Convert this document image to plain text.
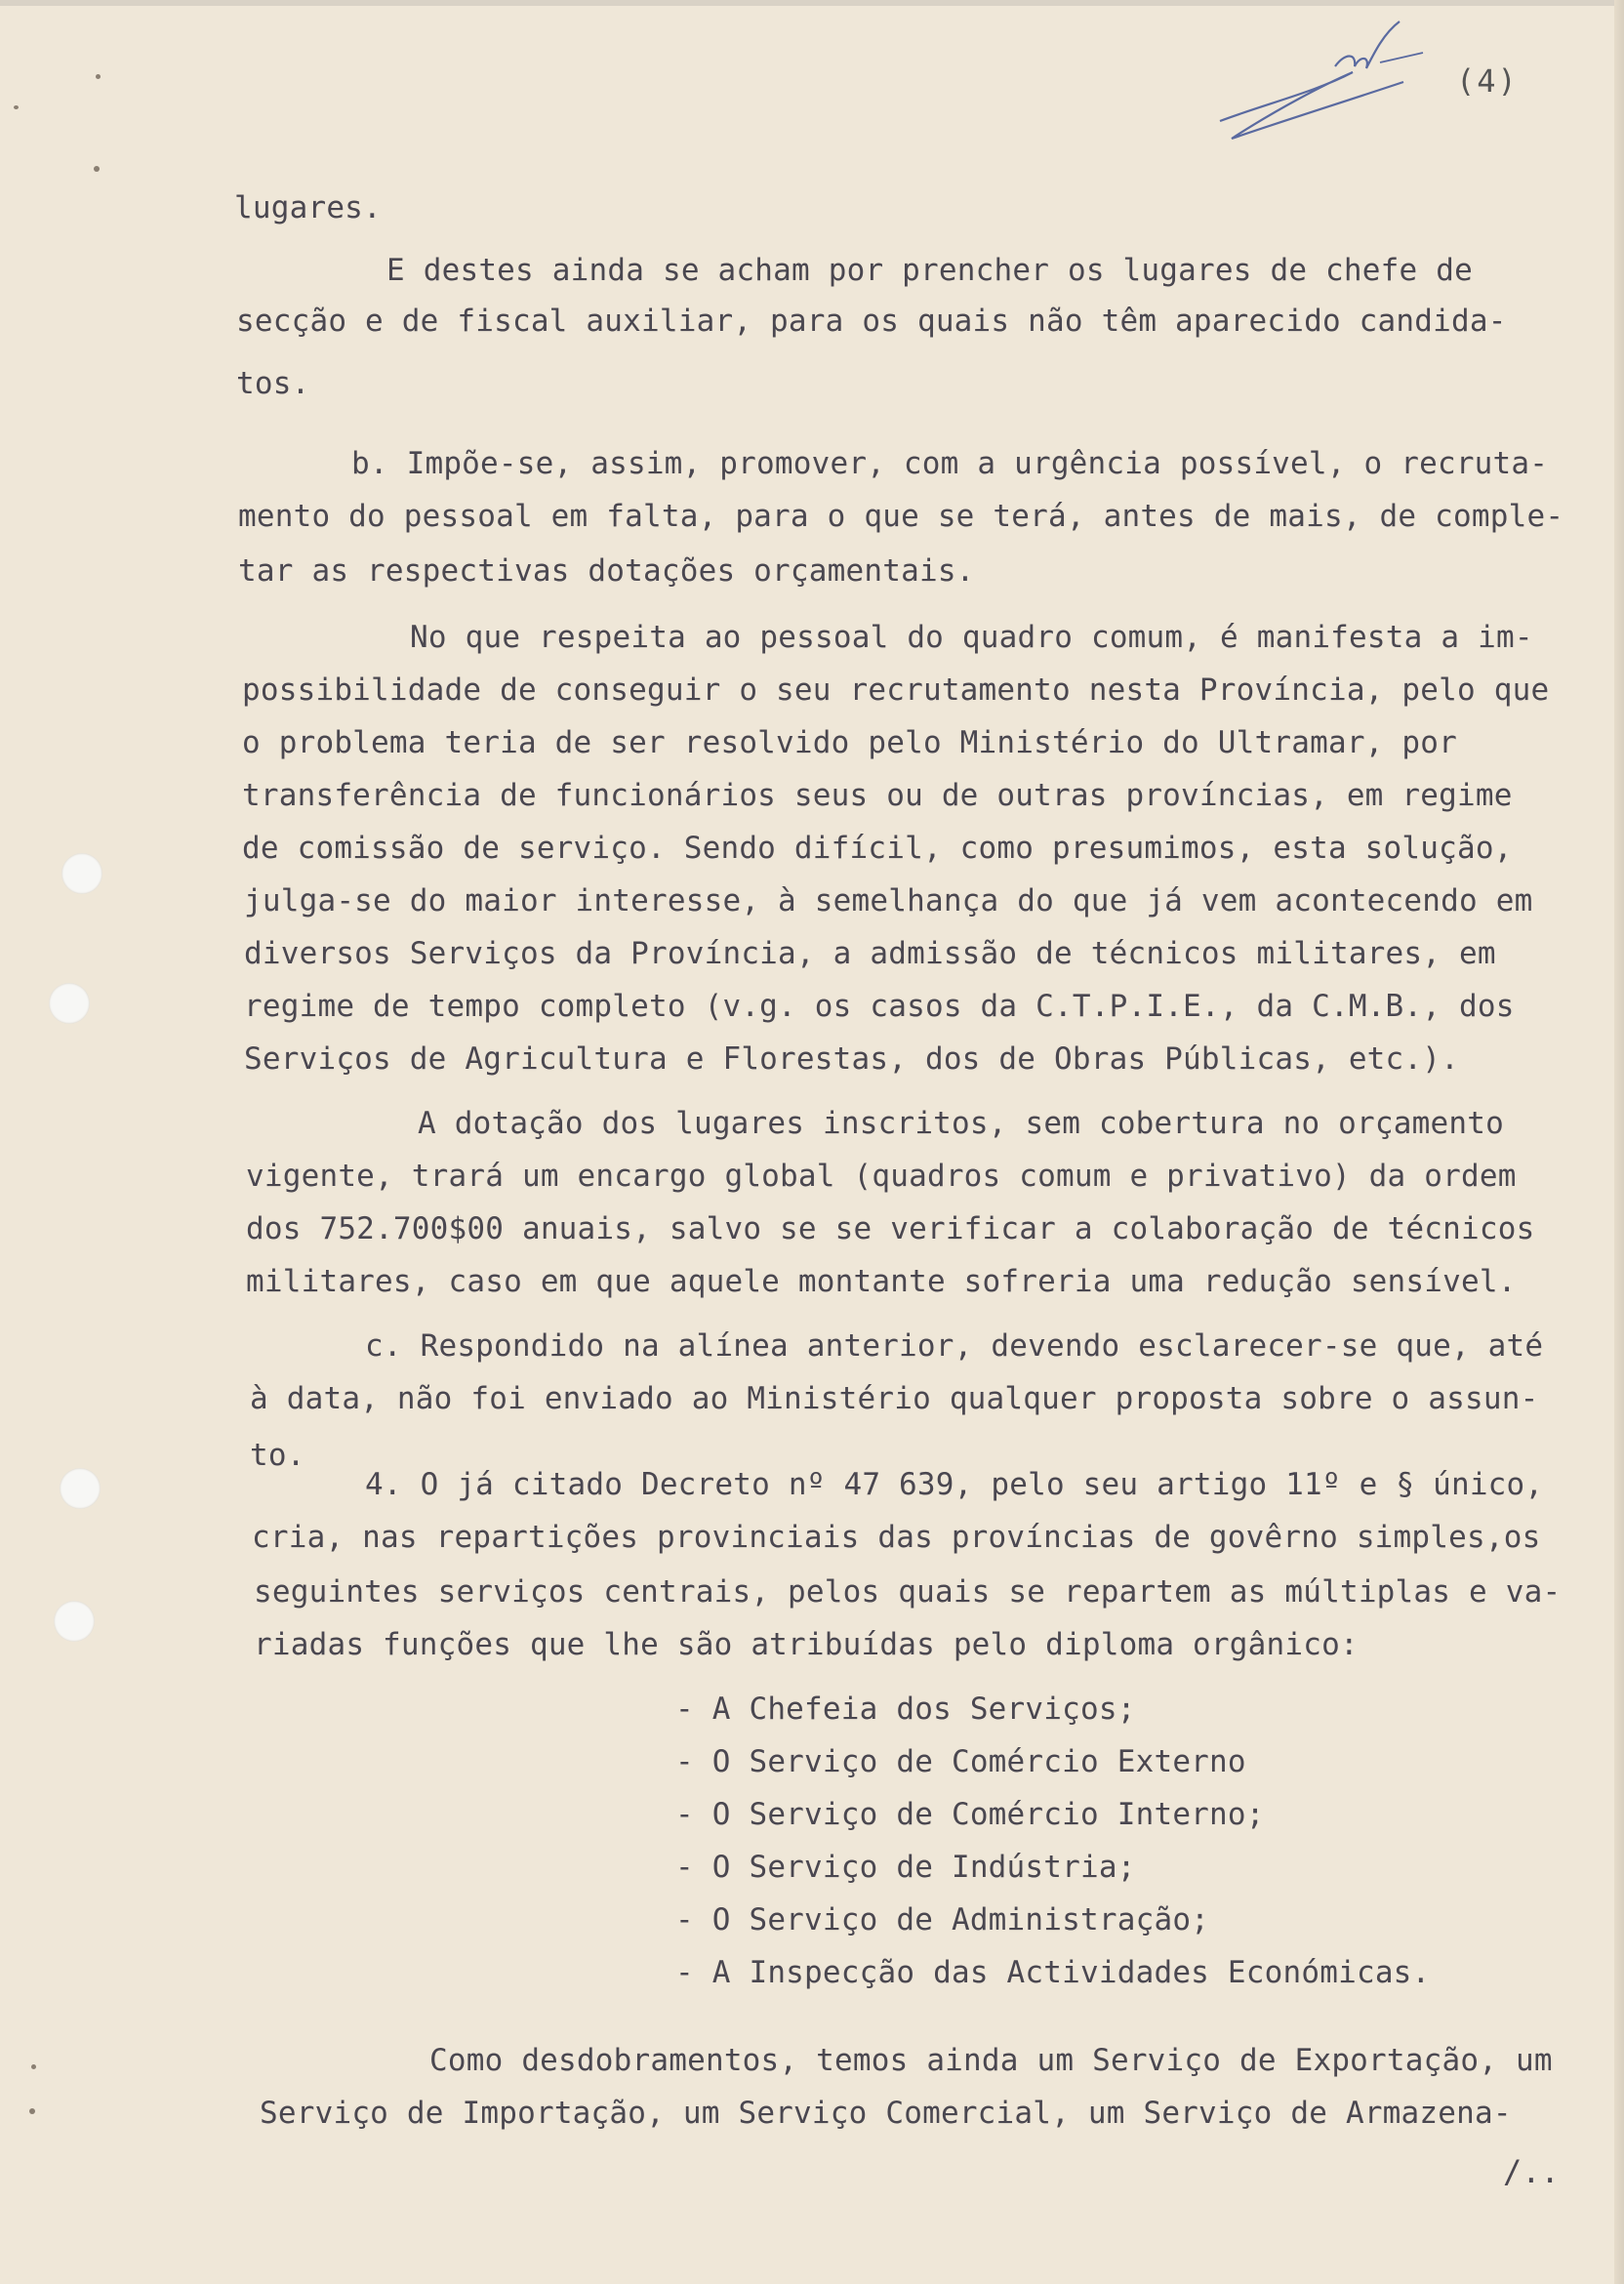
(4)
lugares.
E destes ainda se acham por prencher os lugares de chefe de
secção e de fiscal auxiliar, para os quais não têm aparecido candida-
tos.
b. Impõe-se, assim, promover, com a urgência possível, o recruta-
mento do pessoal em falta, para o que se terá, antes de mais, de comple-
tar as respectivas dotações orçamentais.
No que respeita ao pessoal do quadro comum, é manifesta a im-
possibilidade de conseguir o seu recrutamento nesta Província, pelo que
o problema teria de ser resolvido pelo Ministério do Ultramar, por
transferência de funcionários seus ou de outras províncias, em regime
de comissão de serviço. Sendo difícil, como presumimos, esta solução,
julga-se do maior interesse, à semelhança do que já vem acontecendo em
diversos Serviços da Província, a admissão de técnicos militares, em
regime de tempo completo (v.g. os casos da C.T.P.I.E., da C.M.B., dos
Serviços de Agricultura e Florestas, dos de Obras Públicas, etc.).
A dotação dos lugares inscritos, sem cobertura no orçamento
vigente, trará um encargo global (quadros comum e privativo) da ordem
dos 752.700$00 anuais, salvo se se verificar a colaboração de técnicos
militares, caso em que aquele montante sofreria uma redução sensível.
c. Respondido na alínea anterior, devendo esclarecer-se que, até
à data, não foi enviado ao Ministério qualquer proposta sobre o assun-
to.
4. O já citado Decreto nº 47 639, pelo seu artigo 11º e § único,
cria, nas repartições provinciais das províncias de govêrno simples,os
seguintes serviços centrais, pelos quais se repartem as múltiplas e va-
riadas funções que lhe são atribuídas pelo diploma orgânico:
- A Chefeia dos Serviços;
- O Serviço de Comércio Externo
- O Serviço de Comércio Interno;
- O Serviço de Indústria;
- O Serviço de Administração;
- A Inspecção das Actividades Económicas.
Como desdobramentos, temos ainda um Serviço de Exportação, um
Serviço de Importação, um Serviço Comercial, um Serviço de Armazena-
/..
